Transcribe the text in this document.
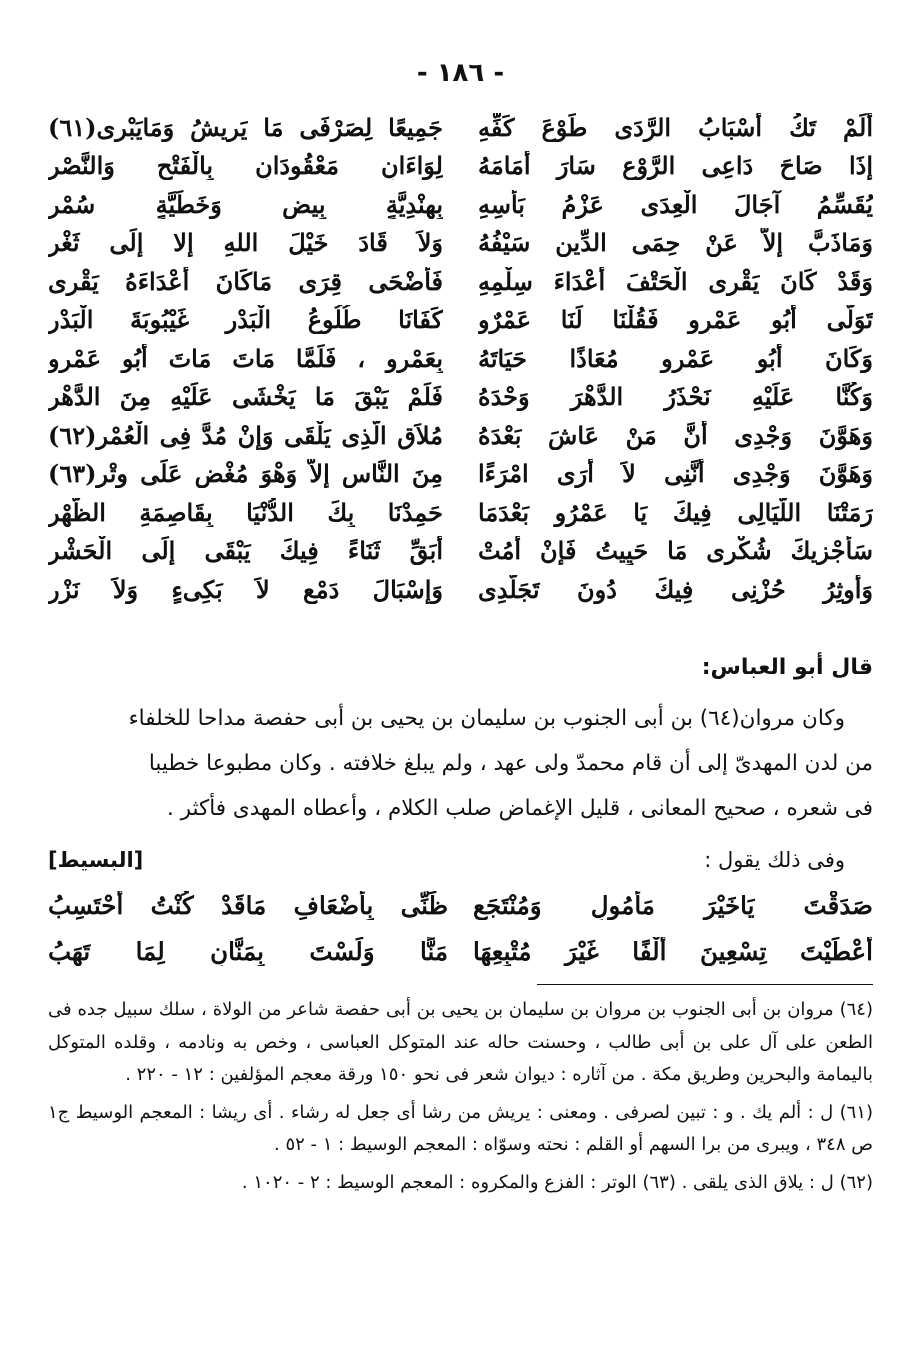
- ١٨٦ -
أَلَمْ تَكُ أَسْبَابُ الرَّدَى طَوْعَ كَفِّهِ
جَمِيعًا لِصَرْفَى مَا يَرِيشُ وَمَايَبْرِى(٦١)
إِذَا صَاحَ دَاعِى الرَّوْعِ سَارَ أَمَامَهُ
لِوَاءَانِ مَعْقُودَانِ بِالْفَتْحِ وَالنَّصْرِ
يُقَسِّمُ آجَالَ الْعِدَى عَزْمُ بَأْسِهِ
بِهِنْدِيَّةٍ بِيضٍ وَخَطِّيَّةٍ سُمْرِ
وَمَاذَبَّ إِلاَّ عَنْ حِمَى الدِّينِ سَيْفُهُ
وَلاَ قَادَ خَيْلَ اللهِ إِلا إِلَى ثَغْرِ
وَقَدْ كَانَ يَقْرِى الْحَتْفَ أَعْدَاءَ سِلْمِهِ
فَأَضْحَى قِرَى مَاكَانَ أَعْدَاءَهُ يَقْرِى
تَوَلَّى أَبُو عَمْرٍو فَقُلْنَا لَنَا عَمْرٌو
كَفَانَا طُلُوعُ الْبَدْرِ غَيْبُوبَةَ الْبَدْرِ
وَكَانَ أَبُو عَمْرٍو مُعَاذًا حَيَاتَهُ
بِعَمْرٍو ، فَلَمَّا مَاتَ مَاتَ أَبُو عَمْرٍو
وَكُنَّا عَلَيْهِ نَحْذَرُ الدَّهْرَ وَحْدَهُ
فَلَمْ يَبْقَ مَا يَخْشَى عَلَيْهِ مِنَ الدَّهْرِ
وَهَوَّنَ وَجْدِى أَنَّ مَنْ عَاشَ بَعْدَهُ
مُلاَقٍ الَّذِى يَلْقَى وَإِنْ مُدَّ فِى الْعُمْرِ(٦٢)
وَهَوَّنَ وَجْدِى أَنَّنِى لاَ أَرَى امْرَءًا
مِنَ النَّاسِ إِلاَّ وَهْوَ مُغْضٍ عَلَى وِتْرِ(٦٣)
رَمَتْنَا اللَّيَالِى فِيكَ يَا عَمْرُو بَعْدَمَا
حَمِدْنَا بِكَ الدُّنْيَا بِقَاصِمَةِ الظَّهْرِ
سَأَجْزِيكَ شُكْرِى مَا حَيِيتُ فَإِنْ أَمُتْ
أُبَقِّ ثَنَاءً فِيكَ يَبْقَى إِلَى الْحَشْرِ
وَأُوثِرُ حُزْنِى فِيكَ دُونَ تَجَلُّدِى
وَإِسْبَالَ دَمْعٍ لاَ بَكِىءٍ وَلاَ نَزْرِ
قال أبو العباس:

وكان مروان(٦٤) بن أبى الجنوب بن سليمان بن يحيى بن أبى حفصة مداحا للخلفاء

من لدن المهدىّ إلى أن قام محمدّ ولى عهد ، ولم يبلغ خلافته . وكان مطبوعا خطيبا

فى شعره ، صحيح المعانى ، قليل الإغماض صلب الكلام ، وأعطاه المهدى فأكثر .

وفى ذلك يقول :
[البسيط]
صَدَقْتَ يَاخَيْرَ مَأْمُولٍ وَمُنْتَجَعٍ
ظَنِّى بِأَضْعَافِ مَاقَدْ كُنْتُ أَحْتَسِبُ
أَعْطَيْتَ تِسْعِينَ أَلْفًا غَيْرَ مُتْبِعِهَا
مَنًّا وَلَسْتَ بِمَنَّانٍ لِمَا تَهَبُ

(٦٤) مروان بن أبى الجنوب بن مروان بن سليمان بن يحيى بن أبى حفصة شاعر من الولاة ، سلك سبيل جده فى الطعن على آل على بن أبى طالب ، وحسنت حاله عند المتوكل العباسى ، وخص به ونادمه ، وقلده المتوكل باليمامة والبحرين وطريق مكة . من آثاره : ديوان شعر فى نحو ١٥٠ ورقة معجم المؤلفين : ١٢ - ٢٢٠ .

(٦١) ل : ألم يك . و : تبين لصرفى . ومعنى : يريش من رشا أى جعل له رشاء . أى ريشا : المعجم الوسيط ج١ ص ٣٤٨ ، ويبرى من برا السهم أو القلم : نحته وسوّاه : المعجم الوسيط : ١ - ٥٢ .

(٦٢) ل : يلاق الذى يلقى . (٦٣) الوتر : الفزع والمكروه : المعجم الوسيط : ٢ - ١٠٢٠ .
